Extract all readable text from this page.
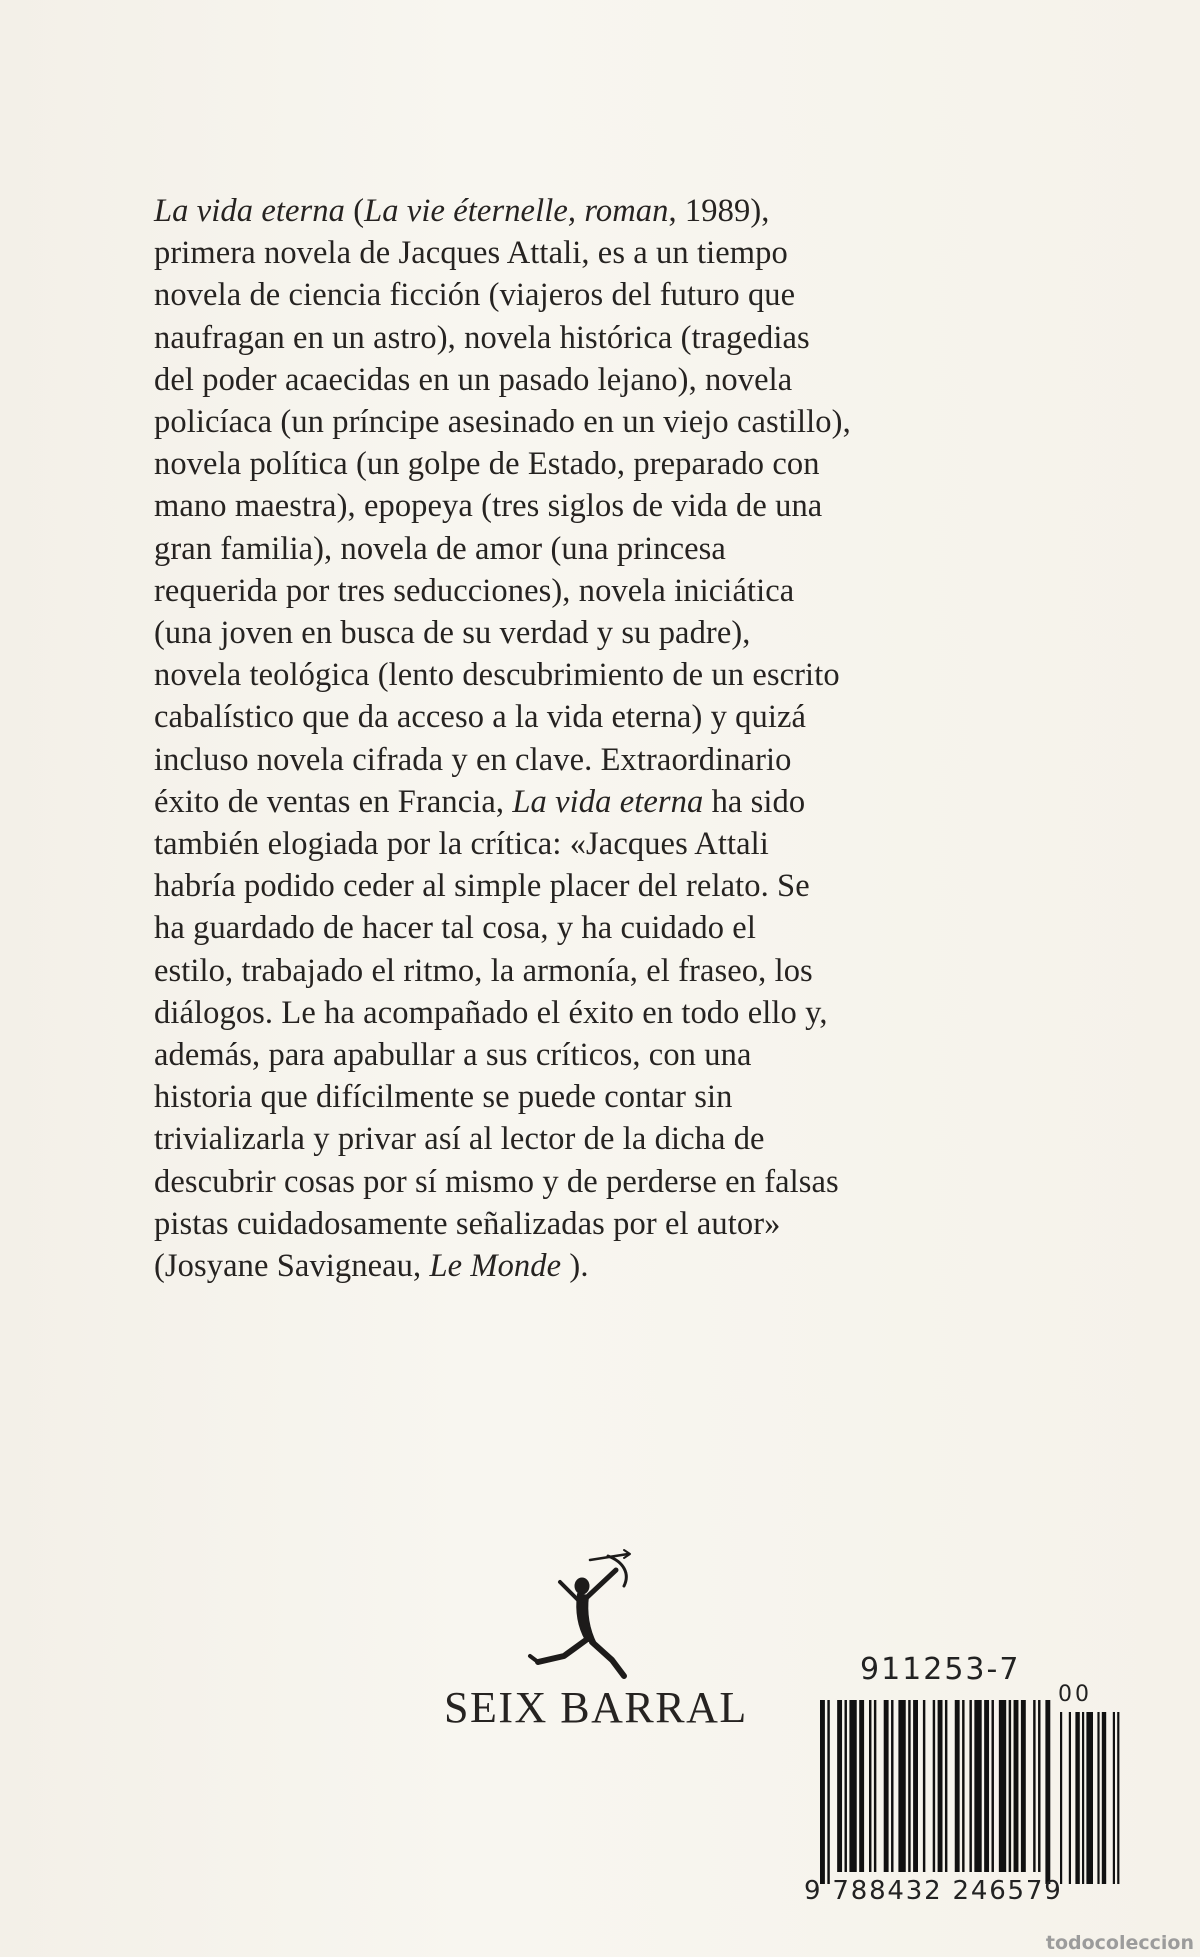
La vida eterna (La vie éternelle, roman, 1989),
primera novela de Jacques Attali, es a un tiempo
novela de ciencia ficción (viajeros del futuro que
naufragan en un astro), novela histórica (tragedias
del poder acaecidas en un pasado lejano), novela
policíaca (un príncipe asesinado en un viejo castillo),
novela política (un golpe de Estado, preparado con
mano maestra), epopeya (tres siglos de vida de una
gran familia), novela de amor (una princesa
requerida por tres seducciones), novela iniciática
(una joven en busca de su verdad y su padre),
novela teológica (lento descubrimiento de un escrito
cabalístico que da acceso a la vida eterna) y quizá
incluso novela cifrada y en clave. Extraordinario
éxito de ventas en Francia, La vida eterna ha sido
también elogiada por la crítica: «Jacques Attali
habría podido ceder al simple placer del relato. Se
ha guardado de hacer tal cosa, y ha cuidado el
estilo, trabajado el ritmo, la armonía, el fraseo, los
diálogos. Le ha acompañado el éxito en todo ello y,
además, para apabullar a sus críticos, con una
historia que difícilmente se puede contar sin
trivializarla y privar así al lector de la dicha de
descubrir cosas por sí mismo y de perderse en falsas
pistas cuidadosamente señalizadas por el autor»
(Josyane Savigneau, Le Monde ).

SEIX BARRAL
911253-7
00
9 788432 246579
todocoleccion
